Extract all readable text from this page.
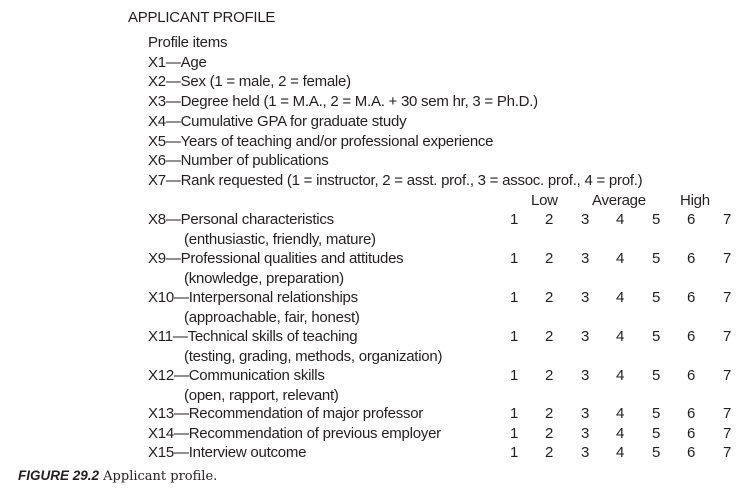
APPLICANT PROFILE
Profile items
X1—Age
X2—Sex (1 = male, 2 = female)
X3—Degree held (1 = M.A., 2 = M.A. + 30 sem hr, 3 = Ph.D.)
X4—Cumulative GPA for graduate study
X5—Years of teaching and/or professional experience
X6—Number of publications
X7—Rank requested (1 = instructor, 2 = asst. prof., 3 = assoc. prof., 4 = prof.)
Low Average High
X8—Personal characteristics
(enthusiastic, friendly, mature)
1	2	3	4	5	6	7
X9—Professional qualities and attitudes
(knowledge, preparation)
1	2	3	4	5	6	7
X10—Interpersonal relationships
(approachable, fair, honest)
1	2	3	4	5	6	7
X11—Technical skills of teaching
(testing, grading, methods, organization)
1	2	3	4	5	6	7
X12—Communication skills
(open, rapport, relevant)
1	2	3	4	5	6	7
X13—Recommendation of major professor	1	2	3	4	5	6	7
X14—Recommendation of previous employer	1	2	3	4	5	6	7
X15—Interview outcome	1	2	3	4	5	6	7
FIGURE 29.2 Applicant profile.
